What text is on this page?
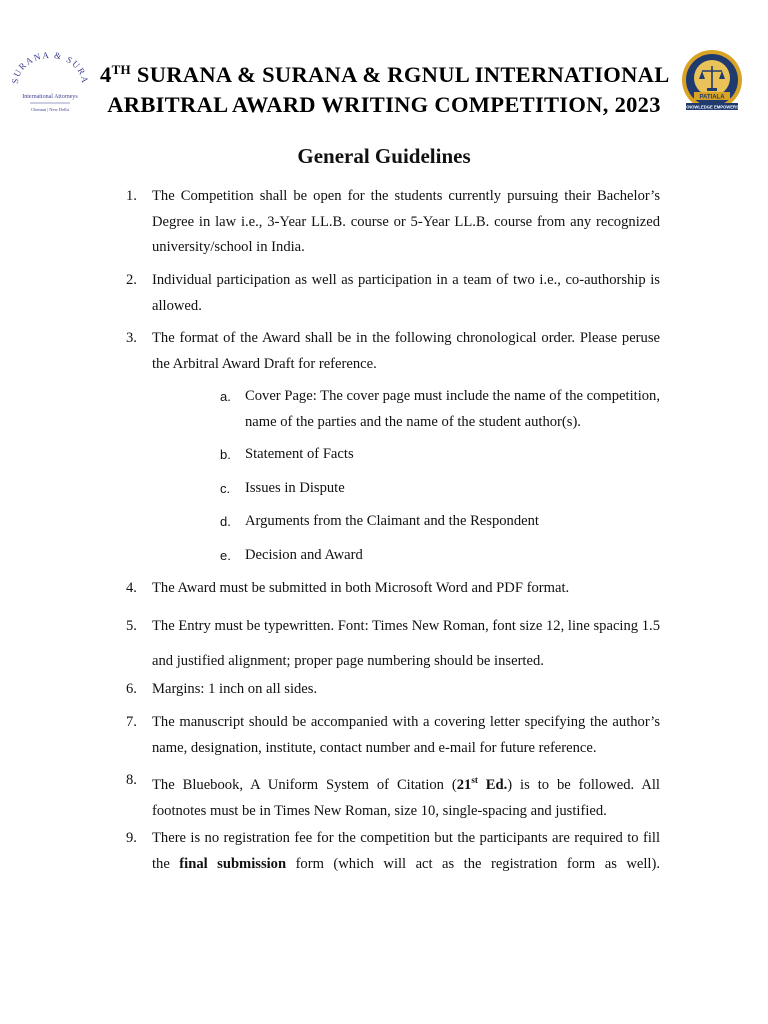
SURANA & SURA
International Attorneys
Chennai | New Delhi
4TH SURANA & SURANA & RGNUL INTERNATIONAL
ARBITRAL AWARD WRITING COMPETITION, 2023	PATIALA
KNOWLEDGE EMPOWERS
General Guidelines
1.	The Competition shall be open for the students currently pursuing their Bachelor’s Degree in law i.e., 3-Year LL.B. course or 5-Year LL.B. course from any recognized university/school in India.
2.	Individual participation as well as participation in a team of two i.e., co-authorship is allowed.
3.	The format of the Award shall be in the following chronological order. Please peruse the Arbitral Award Draft for reference.
a. Cover Page: The cover page must include the name of the competition, name of the parties and the name of the student author(s).
b. Statement of Facts
c.	Issues in Dispute
d. Arguments from the Claimant and the Respondent
e. Decision and Award
4.	The Award must be submitted in both Microsoft Word and PDF format.
5.	The Entry must be typewritten. Font: Times New Roman, font size 12, line spacing 1.5 and justified alignment; proper page numbering should be inserted.
6.	Margins: 1 inch on all sides.
7.	The manuscript should be accompanied with a covering letter specifying the author’s name, designation, institute, contact number and e-mail for future reference.
8.	The Bluebook, A Uniform System of Citation (21st Ed.) is to be followed. All footnotes must be in Times New Roman, size 10, single-spacing and justified.
9.	There is no registration fee for the competition but the participants are required to fill the final submission form (which will act as the registration form as well).
